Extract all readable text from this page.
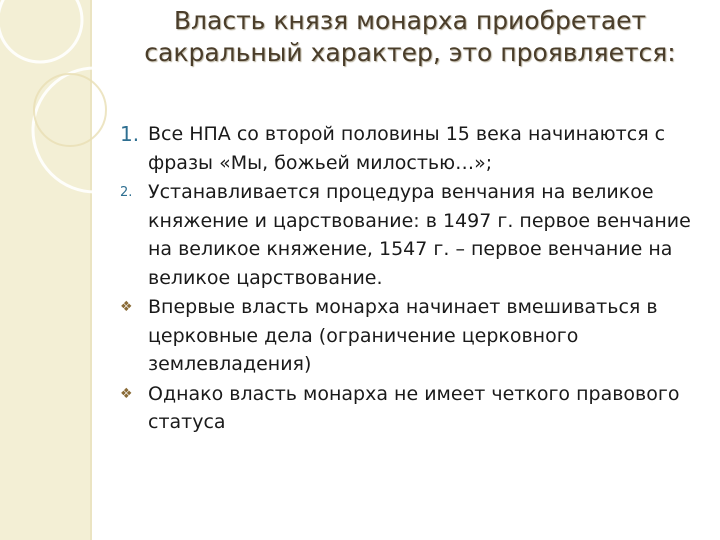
Власть князя монарха приобретает сакральный характер, это проявляется:
1. Все НПА со второй половины 15 века начинаются с фразы «Мы, божьей милостью…»;
2. Устанавливается процедура венчания на великое княжение и царствование: в 1497 г. первое венчание на великое княжение, 1547 г. – первое венчание на великое царствование.
❖ Впервые власть монарха начинает вмешиваться в церковные дела (ограничение церковного землевладения)
❖ Однако власть монарха не имеет четкого правового статуса
